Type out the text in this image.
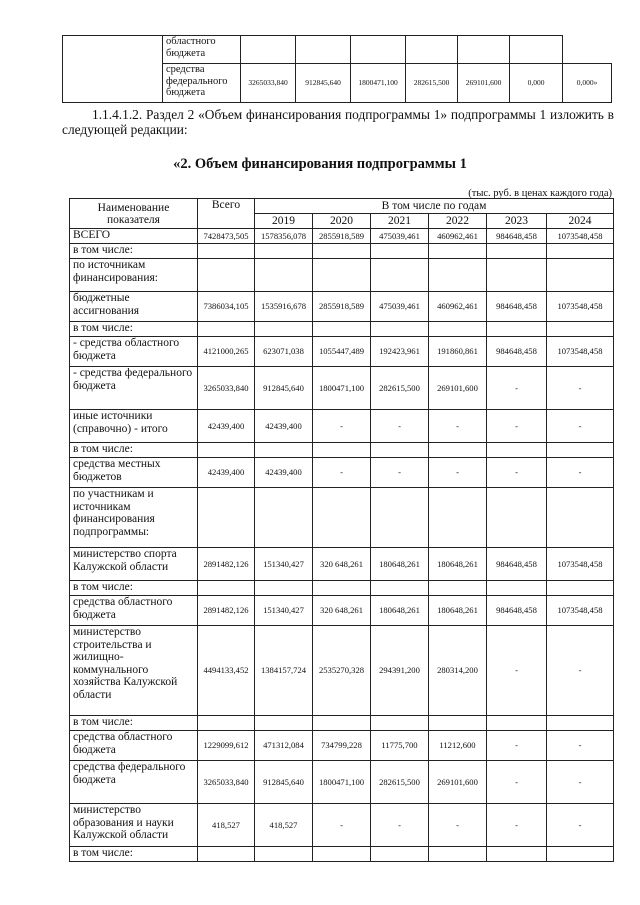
	областного бюджета							
	средства федерального бюджета	3265033,840	912845,640	1800471,100	282615,500	269101,600	0,000	0,000»

1.1.4.1.2. Раздел 2 «Объем финансирования подпрограммы 1» подпрограммы 1 изложить в следующей редакции:

«2. Объем финансирования подпрограммы 1
(тыс. руб. в ценах каждого года)
Наименование показателя	Всего	В том числе по годам					
		2019	2020	2021	2022	2023	2024
ВСЕГО	7428473,505	1578356,078	2855918,589	475039,461	460962,461	984648,458	1073548,458
в том числе:							
по источникам финансирования:							
бюджетные ассигнования	7386034,105	1535916,678	2855918,589	475039,461	460962,461	984648,458	1073548,458
в том числе:							
- средства областного бюджета	4121000,265	623071,038	1055447,489	192423,961	191860,861	984648,458	1073548,458
- средства федерального бюджета	3265033,840	912845,640	1800471,100	282615,500	269101,600	-	-
иные источники (справочно) - итого	42439,400	42439,400	-	-	-	-	-
в том числе:							
средства местных бюджетов	42439,400	42439,400	-	-	-	-	-
по участникам и источникам финансирования подпрограммы:							
министерство спорта Калужской области	2891482,126	151340,427	320 648,261	180648,261	180648,261	984648,458	1073548,458
в том числе:							
средства областного бюджета	2891482,126	151340,427	320 648,261	180648,261	180648,261	984648,458	1073548,458
министерство строительства и жилищно-коммунального хозяйства Калужской области	4494133,452	1384157,724	2535270,328	294391,200	280314,200	-	-
в том числе:							
средства областного бюджета	1229099,612	471312,084	734799,228	11775,700	11212,600	-	-
средства федерального бюджета	3265033,840	912845,640	1800471,100	282615,500	269101,600	-	-
министерство образования и науки Калужской области	418,527	418,527	-	-	-	-	-
в том числе:							
